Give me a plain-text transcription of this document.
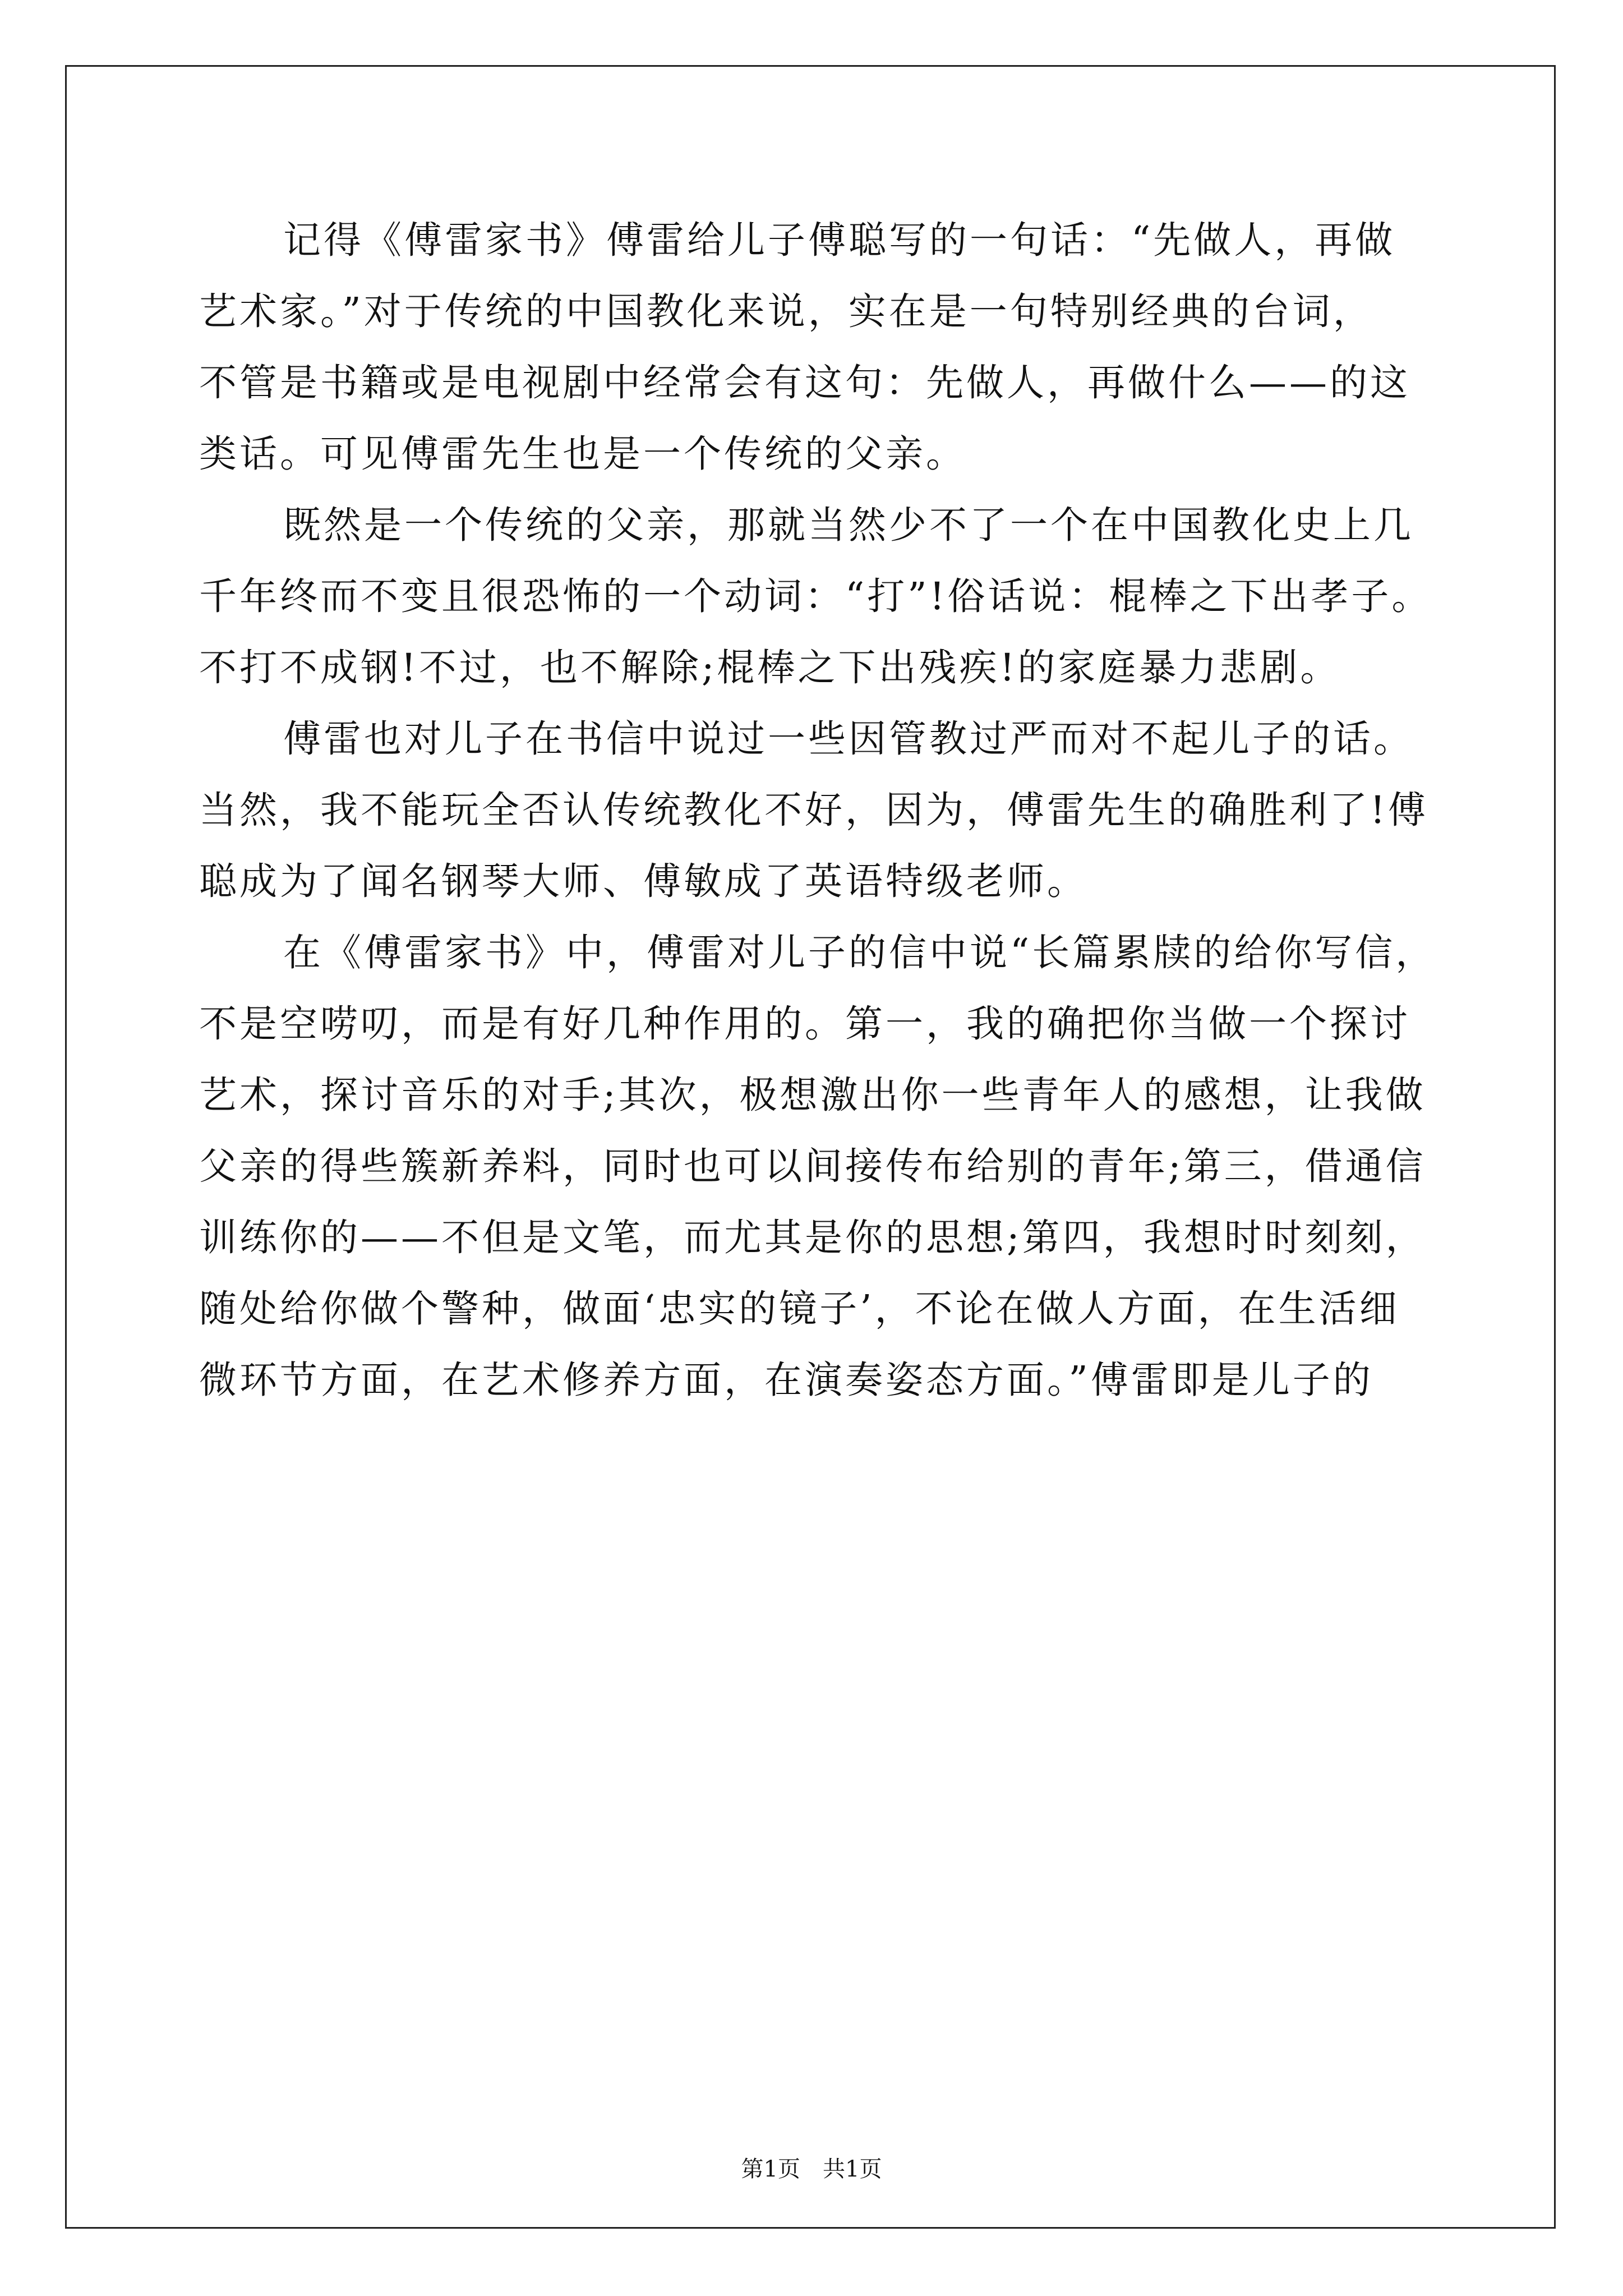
记得《傅雷家书》傅雷给儿子傅聪写的一句话：“先做人，再做
艺术家。”对于传统的中国教化来说，实在是一句特别经典的台词，
不管是书籍或是电视剧中经常会有这句：先做人，再做什么——的这
类话。可见傅雷先生也是一个传统的父亲。
既然是一个传统的父亲，那就当然少不了一个在中国教化史上几
千年终而不变且很恐怖的一个动词：“打”!俗话说：棍棒之下出孝子。
不打不成钢!不过，也不解除;棍棒之下出残疾!的家庭暴力悲剧。
傅雷也对儿子在书信中说过一些因管教过严而对不起儿子的话。
当然，我不能玩全否认传统教化不好，因为，傅雷先生的确胜利了!傅
聪成为了闻名钢琴大师、傅敏成了英语特级老师。
在《傅雷家书》中，傅雷对儿子的信中说“长篇累牍的给你写信，
不是空唠叨，而是有好几种作用的。第一，我的确把你当做一个探讨
艺术，探讨音乐的对手;其次，极想激出你一些青年人的感想，让我做
父亲的得些簇新养料，同时也可以间接传布给别的青年;第三，借通信
训练你的——不但是文笔，而尤其是你的思想;第四，我想时时刻刻，
随处给你做个警种，做面‘忠实的镜子’，不论在做人方面，在生活细
微环节方面，在艺术修养方面，在演奏姿态方面。”傅雷即是儿子的
第1页　共1页
